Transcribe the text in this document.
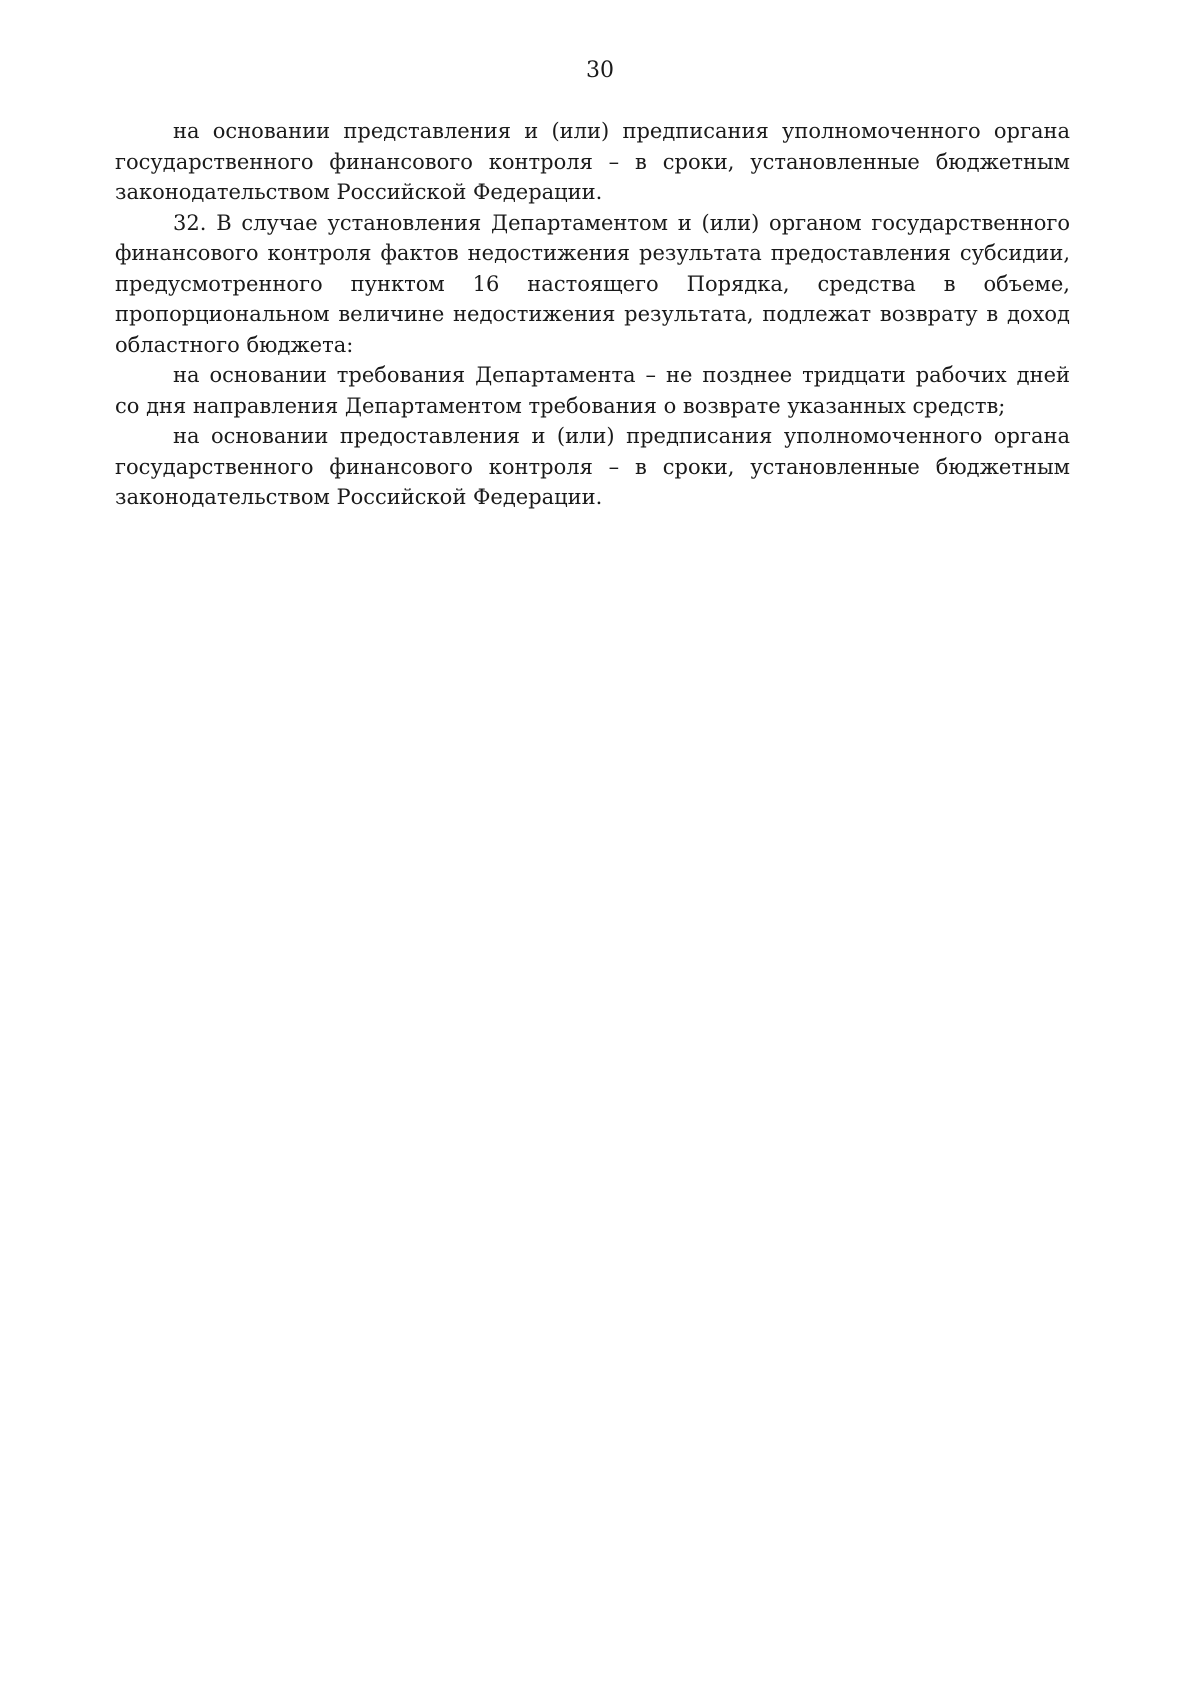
30

на основании представления и (или) предписания уполномоченного органа государственного финансового контроля – в сроки, установленные бюджетным законодательством Российской Федерации.

32. В случае установления Департаментом и (или) органом государственного финансового контроля фактов недостижения результата предоставления субсидии, предусмотренного пунктом 16 настоящего Порядка, средства в объеме, пропорциональном величине недостижения результата, подлежат возврату в доход областного бюджета:

на основании требования Департамента – не позднее тридцати рабочих дней со дня направления Департаментом требования о возврате указанных средств;

на основании предоставления и (или) предписания уполномоченного органа государственного финансового контроля – в сроки, установленные бюджетным законодательством Российской Федерации.
